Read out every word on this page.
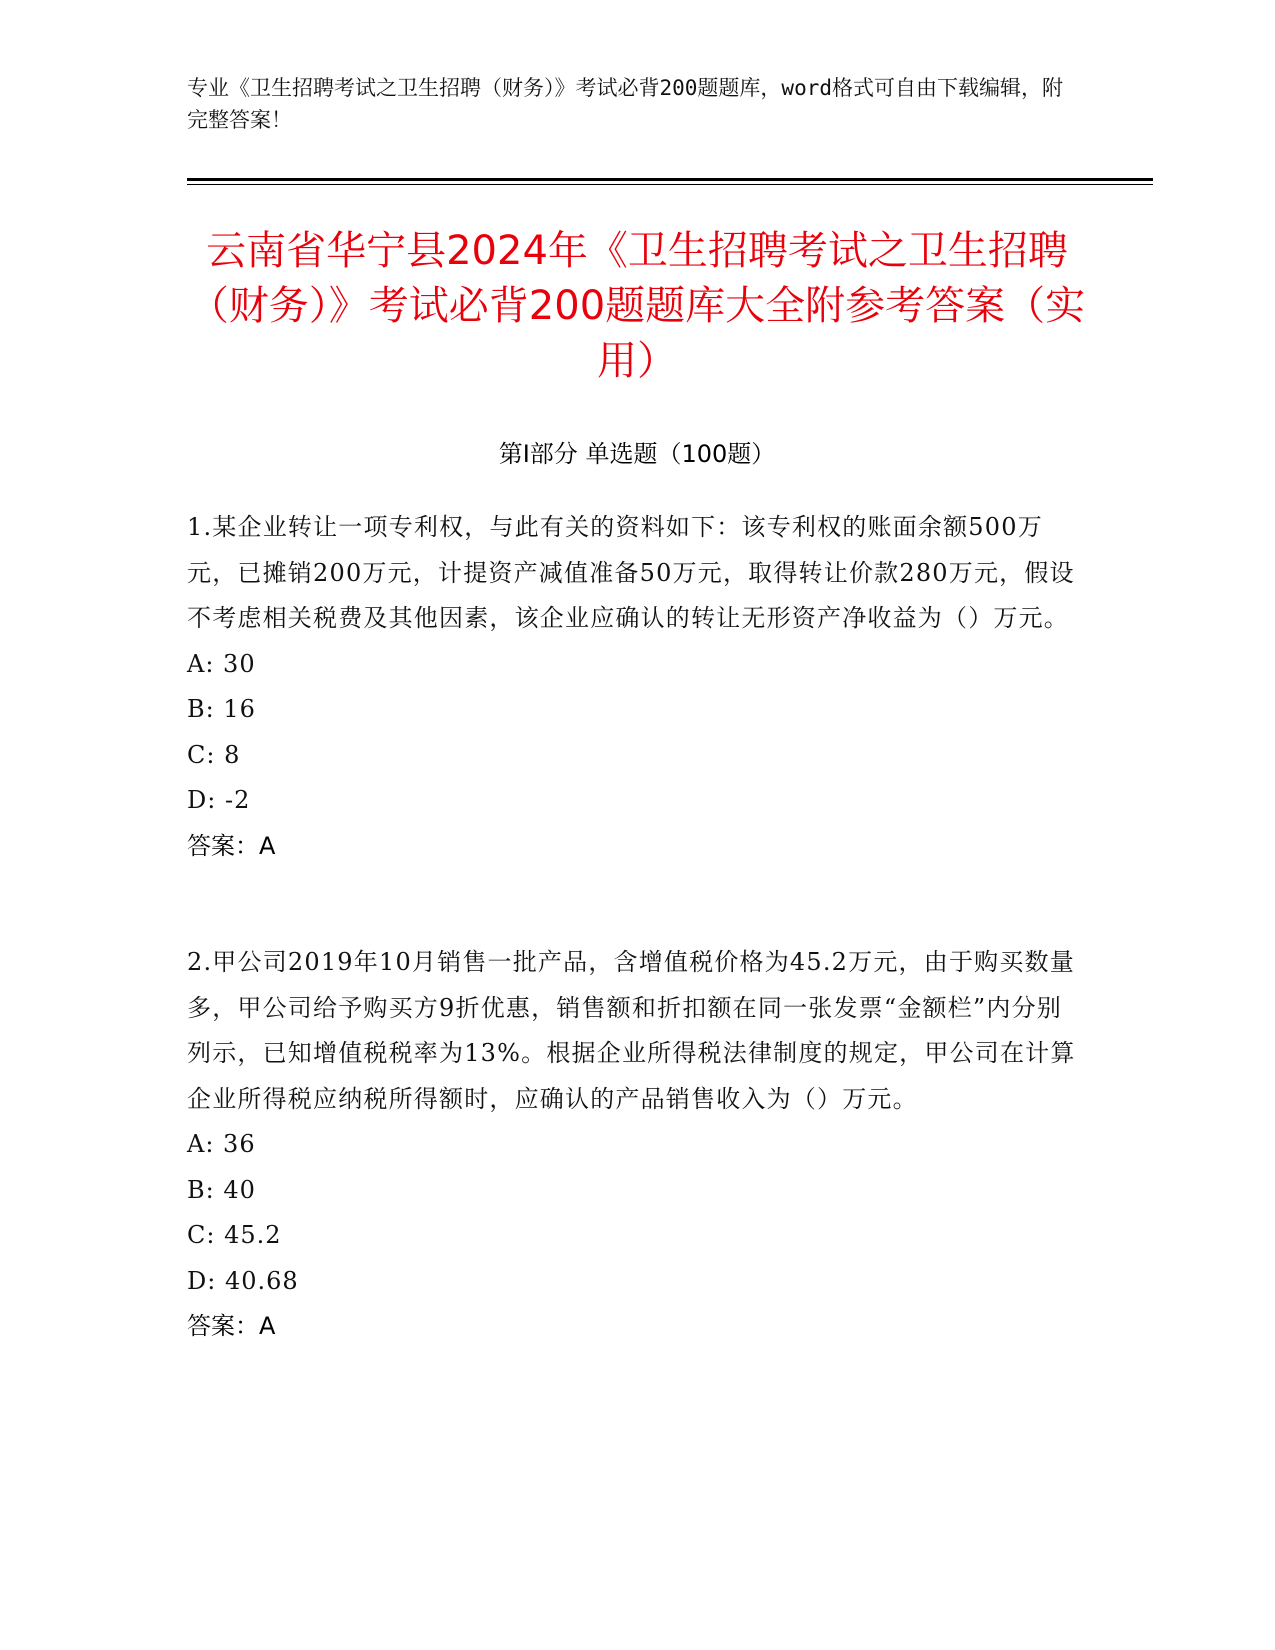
专业《卫生招聘考试之卫生招聘（财务）》考试必背200题题库，word格式可自由下载编辑，附完整答案！
云南省华宁县2024年《卫生招聘考试之卫生招聘（财务）》考试必背200题题库大全附参考答案（实用）
第Ⅰ部分 单选题（100题）

1.某企业转让一项专利权，与此有关的资料如下：该专利权的账面余额500万元，已摊销200万元，计提资产减值准备50万元，取得转让价款280万元，假设不考虑相关税费及其他因素，该企业应确认的转让无形资产净收益为（）万元。

A: 30

B: 16

C: 8

D: -2

答案：A

2.甲公司2019年10月销售一批产品，含增值税价格为45.2万元，由于购买数量多，甲公司给予购买方9折优惠，销售额和折扣额在同一张发票“金额栏”内分别列示，已知增值税税率为13%。根据企业所得税法律制度的规定，甲公司在计算企业所得税应纳税所得额时，应确认的产品销售收入为（）万元。

A: 36

B: 40

C: 45.2

D: 40.68

答案：A
